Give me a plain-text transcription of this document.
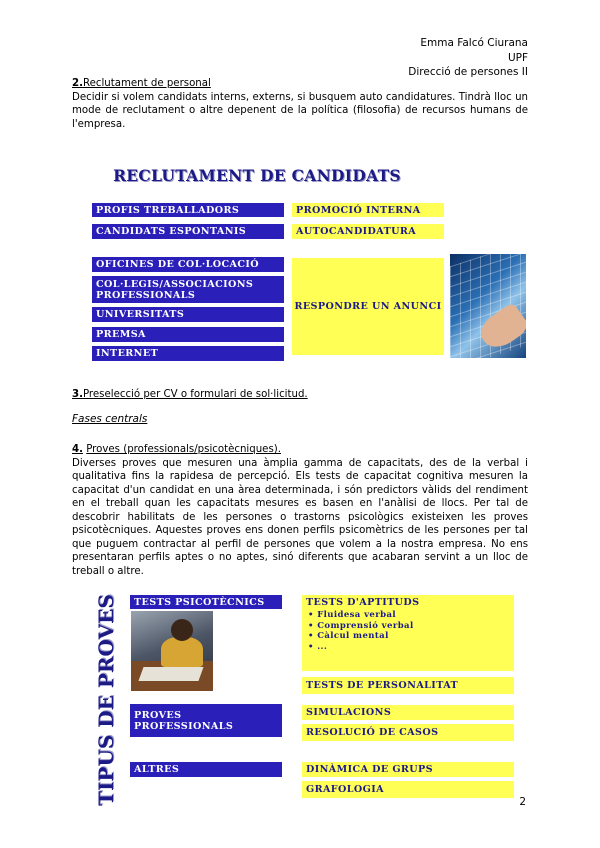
Emma Falcó Ciurana
UPF
Direcció de persones II
2.Reclutament de personal

Decidir si volem candidats interns, externs, si busquem auto candidatures. Tindrà lloc un mode de reclutament o altre depenent de la política (filosofia) de recursos humans de l'empresa.

RECLUTAMENT DE CANDIDATS
PROFIS TREBALLADORS
CANDIDATS ESPONTANIS
OFICINES DE COL·LOCACIÓ
COL·LEGIS/ASSOCIACIONS PROFESSIONALS
UNIVERSITATS
PREMSA
INTERNET
PROMOCIÓ INTERNA
AUTOCANDIDATURA
RESPONDRE UN ANUNCI
3.Preselecció per CV o formulari de sol·licitud.
Fases centrals
4. Proves (professionals/psicotècniques).

Diverses proves que mesuren una àmplia gamma de capacitats, des de la verbal i qualitativa fins la rapidesa de percepció. Els tests de capacitat cognitiva mesuren la capacitat d'un candidat en una àrea determinada, i són predictors vàlids del rendiment en el treball quan les capacitats mesures es basen en l'anàlisi de llocs. Per tal de descobrir habilitats de les persones o trastorns psicològics existeixen les proves psicotècniques. Aquestes proves ens donen perfils psicomètrics de les persones per tal que puguem contractar al perfil de persones que volem a la nostra empresa. No ens presentaran perfils aptes o no aptes, sinó diferents que acabaran servint a un lloc de treball o altre.

TIPUS DE PROVES	TESTS PSICOTÈCNICS
PROVES PROFESSIONALS
ALTRES
TESTS D'APTITUDS
• Fluidesa verbal
• Comprensió verbal
• Càlcul mental
• ...
TESTS DE PERSONALITAT
SIMULACIONS
RESOLUCIÓ DE CASOS
DINÀMICA DE GRUPS
GRAFOLOGIA
2
